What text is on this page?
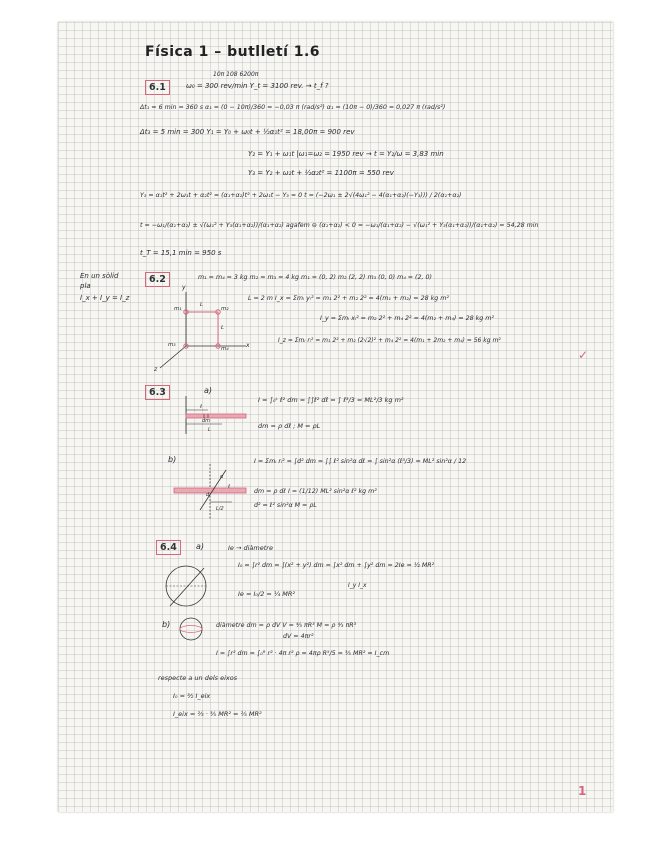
Física 1 – butlletí 1.6
6.1
10π 108 6200π
ω₀ = 300 rev/min Y_t = 3100 rev. → t_f ?
Δt₁ = 6 min = 360 s α₁ = (0 − 10π)/360 = −0,03 π (rad/s²) α₁ = (10π − 0)/360 = 0,027 π (rad/s²)
Δt₃ = 5 min = 300 Y₁ = Y₀ + ω₀t + ½α₁t² = 18,00π = 900 rev
Y₂ = Y₁ + ω₁t |ω₁=ω₂ = 1950 rev → t = Y₂/ω = 3,83 min
Y₃ = Y₂ + ω₂t + ½α₂t² = 1100π = 550 rev
Y₃ = α₁t² + 2ω₁t + α₂t² = (α₁+α₂)t² + 2ω₁t − Y₃ = 0 t = (−2ω₁ ± 2√(4ω₁² − 4(α₁+α₂)(−Y₃))) / 2(α₁+α₂)
t = −ω₁/(α₁+α₂) ± √(ω₁² + Y₃(α₁+α₂))/(α₁+α₂) agafem ⊖ (α₁+α₂) < 0 = −ω₁/(α₁+α₂) − √(ω₁² + Y₃(α₁+α₂))/(α₁+α₂) = 54,28 min
t_T = 15,1 min = 950 s
En un sòlid
pla
I_x + I_y = I_z
6.2	m₁ = m₄ = 3 kg m₂ = m₃ = 4 kg m₁ = (0, 2) m₂ (2, 2) m₃ (0, 0) m₄ = (2, 0)
L = 2 m I_x = Σmᵢ yᵢ² = m₁ 2² + m₂ 2² = 4(m₁ + m₂) = 28 kg m²
I_y = Σmᵢ xᵢ² = m₂ 2² + m₄ 2² = 4(m₂ + m₄) = 28 kg m²
I_z = Σmᵢ rᵢ² = m₁ 2² + m₂ (2√2)² + m₄ 2² = 4(m₁ + 2m₂ + m₄) = 56 kg m²
✓
y
x
z
m₁	m₂
m₃
m₄
L
L
6.3	a)
I = ∫₀ᴸ ℓ² dm = ∫∫ℓ² dℓ = ∫ ℓ³/3 = ML²/3 kg m²
dm = ρ dℓ ; M = ρL
ℓ
dm
L
b)	I = Σmᵢ rᵢ² = ∫d² dm = ∫∫ ℓ² sin²α dℓ = ∫ sin²α (ℓ³/3) = ML² sin²α / 12
dm = ρ dℓ I = (1/12) ML² sin²α ℓ² kg m²
d² = ℓ² sin²α M = ρL
α
ℓ
d
L/2
6.4	a)	Ie → diàmetre
I₀ = ∫r² dm = ∫(x² + y²) dm = ∫x² dm + ∫y² dm = 2Ie = ½ MR²
I_y I_x
Ie = I₀/2 = ¼ MR²
b)	diàmetre dm = ρ dV V = ⁴⁄₃ πR³ M = ρ ⁴⁄₃ πR³
dV = 4πr²
I = ∫r² dm = ∫₀ᴿ r² · 4π r² ρ = 4πρ R⁵/5 = ⅗ MR² = I_cm
respecte a un dels eixos
I₀ = ³⁄₂ I_eix
I_eix = ⅔ · ⅗ MR² = ⅖ MR²
1
